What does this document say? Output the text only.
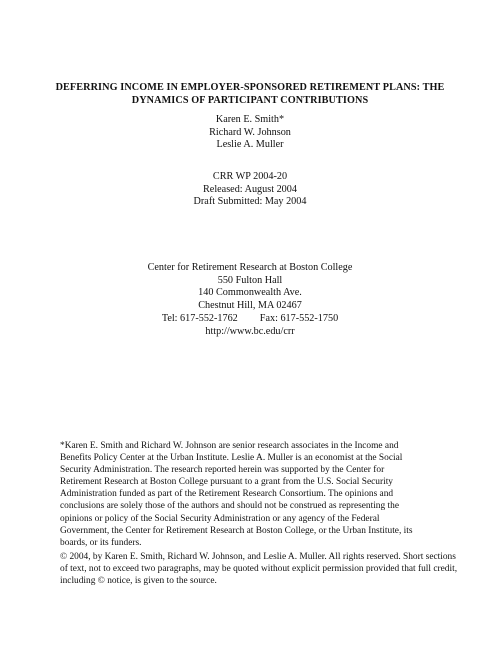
DEFERRING INCOME IN EMPLOYER-SPONSORED RETIREMENT PLANS: THE
DYNAMICS OF PARTICIPANT CONTRIBUTIONS
Karen E. Smith*
Richard W. Johnson
Leslie A. Muller
CRR WP 2004-20
Released: August 2004
Draft Submitted: May 2004
Center for Retirement Research at Boston College
550 Fulton Hall
140 Commonwealth Ave.
Chestnut Hill, MA 02467
Tel: 617-552-1762 Fax: 617-552-1750
http://www.bc.edu/crr
*Karen E. Smith and Richard W. Johnson are senior research associates in the Income and
Benefits Policy Center at the Urban Institute. Leslie A. Muller is an economist at the Social
Security Administration. The research reported herein was supported by the Center for
Retirement Research at Boston College pursuant to a grant from the U.S. Social Security
Administration funded as part of the Retirement Research Consortium. The opinions and
conclusions are solely those of the authors and should not be construed as representing the
opinions or policy of the Social Security Administration or any agency of the Federal
Government, the Center for Retirement Research at Boston College, or the Urban Institute, its
boards, or its funders.
© 2004, by Karen E. Smith, Richard W. Johnson, and Leslie A. Muller. All rights reserved. Short sections
of text, not to exceed two paragraphs, may be quoted without explicit permission provided that full credit,
including © notice, is given to the source.
